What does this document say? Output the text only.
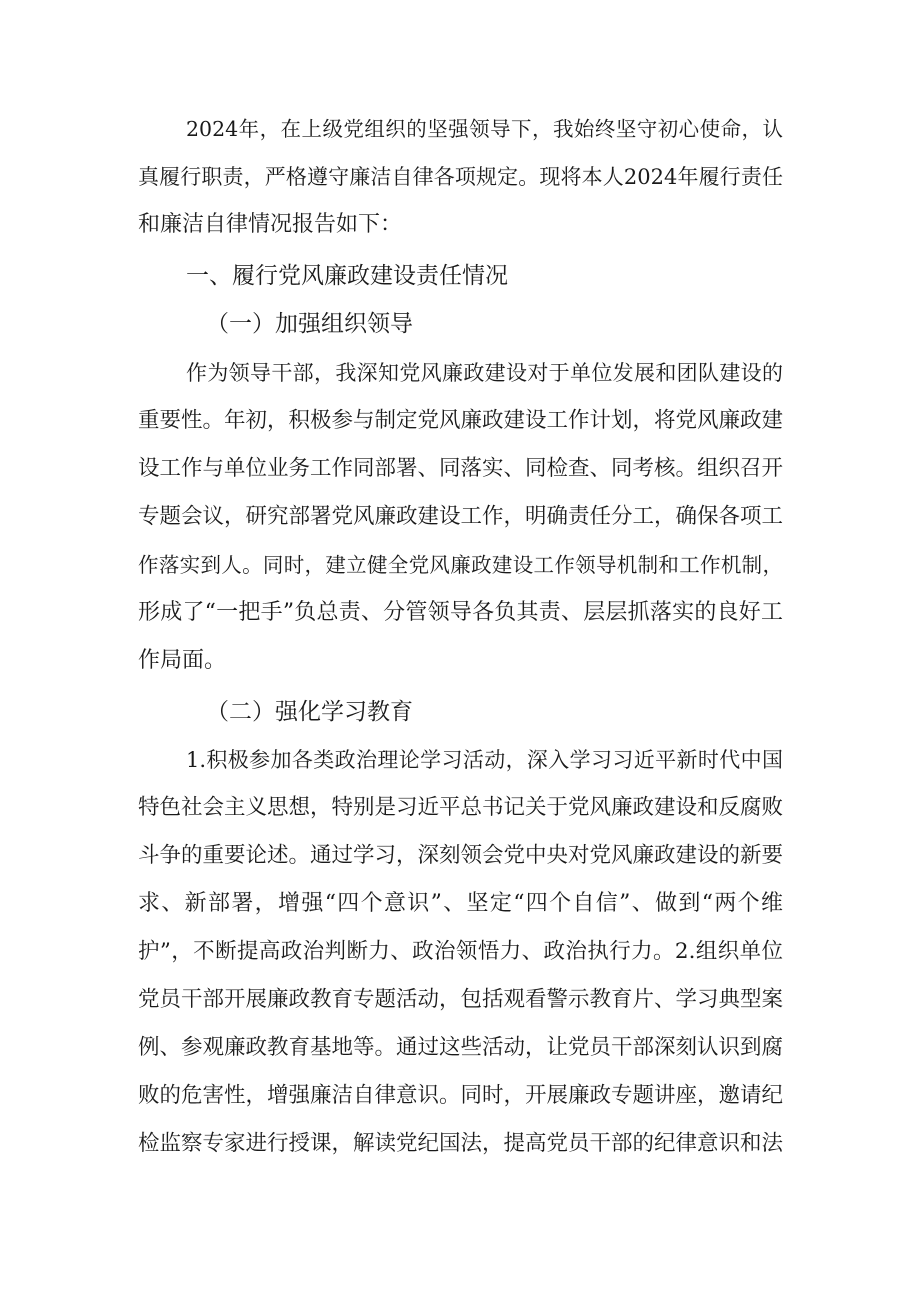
2024年，在上级党组织的坚强领导下，我始终坚守初心使命，认
真履行职责，严格遵守廉洁自律各项规定。现将本人2024年履行责任
和廉洁自律情况报告如下：
一、履行党风廉政建设责任情况
（一）加强组织领导
作为领导干部，我深知党风廉政建设对于单位发展和团队建设的
重要性。年初，积极参与制定党风廉政建设工作计划，将党风廉政建
设工作与单位业务工作同部署、同落实、同检查、同考核。组织召开
专题会议，研究部署党风廉政建设工作，明确责任分工，确保各项工
作落实到人。同时，建立健全党风廉政建设工作领导机制和工作机制，
形成了“一把手”负总责、分管领导各负其责、层层抓落实的良好工
作局面。
（二）强化学习教育
1.积极参加各类政治理论学习活动，深入学习习近平新时代中国
特色社会主义思想，特别是习近平总书记关于党风廉政建设和反腐败
斗争的重要论述。通过学习，深刻领会党中央对党风廉政建设的新要
求、新部署，增强“四个意识”、坚定“四个自信”、做到“两个维
护”，不断提高政治判断力、政治领悟力、政治执行力。2.组织单位
党员干部开展廉政教育专题活动，包括观看警示教育片、学习典型案
例、参观廉政教育基地等。通过这些活动，让党员干部深刻认识到腐
败的危害性，增强廉洁自律意识。同时，开展廉政专题讲座，邀请纪
检监察专家进行授课，解读党纪国法，提高党员干部的纪律意识和法
